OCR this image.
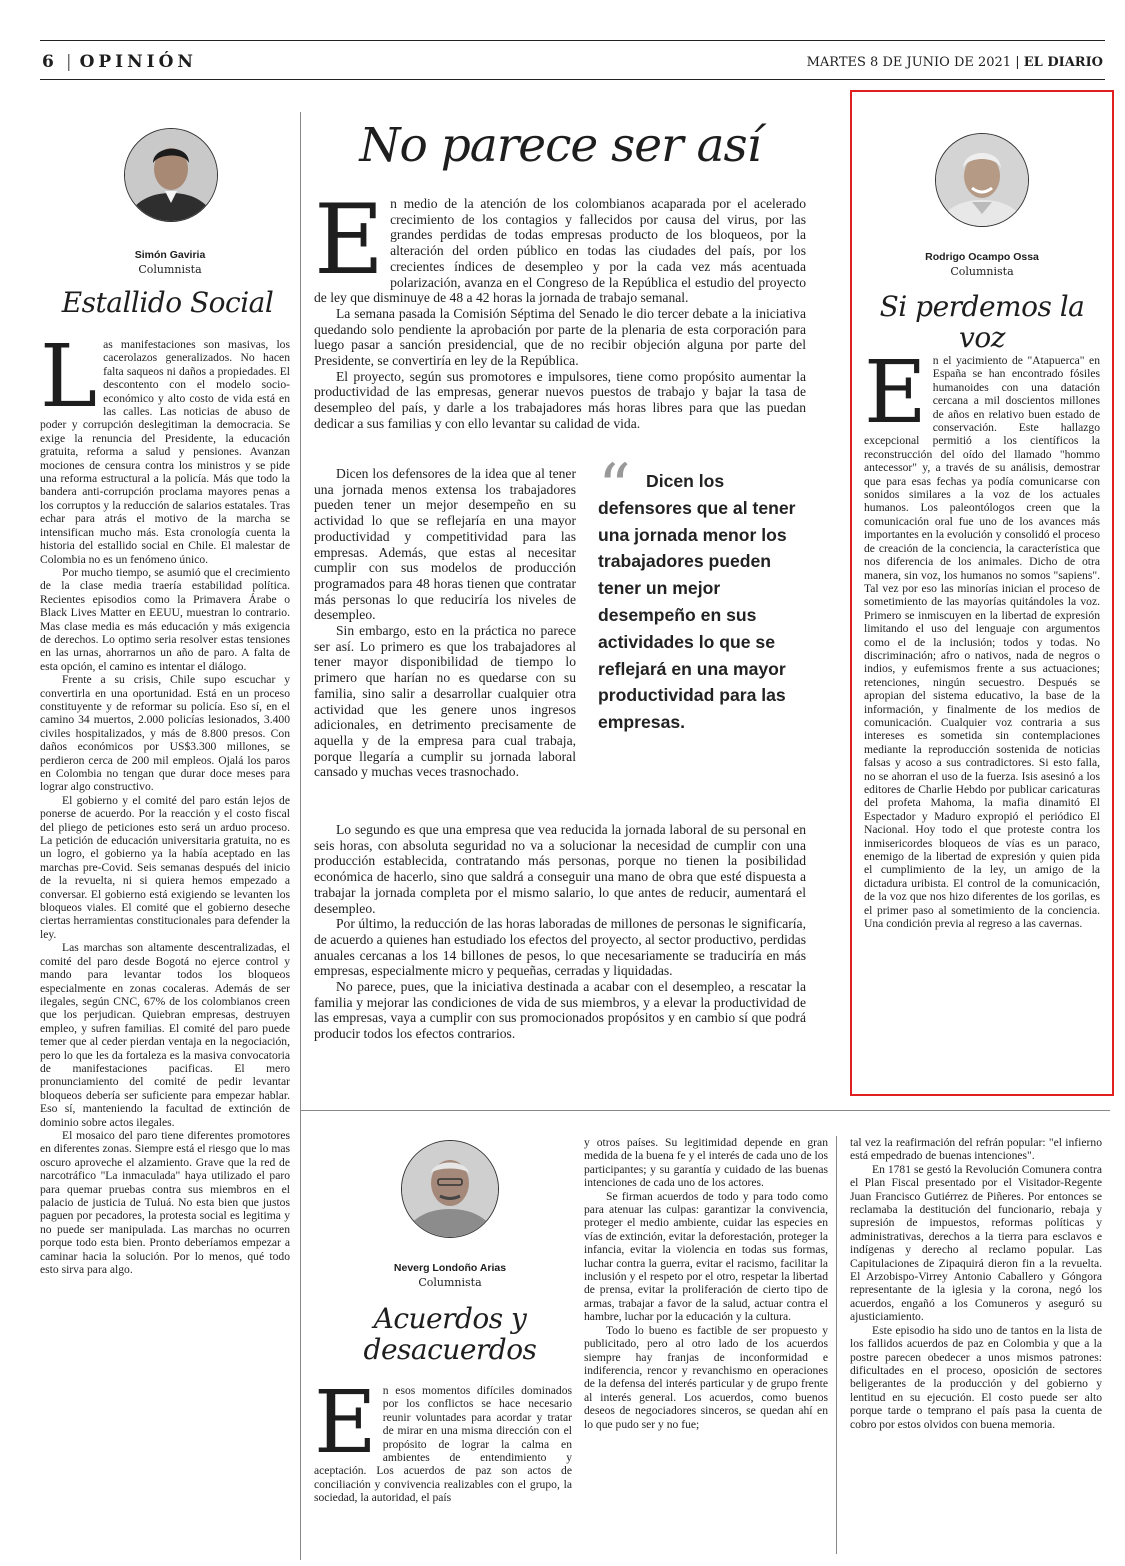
6 | OPINIÓN	MARTES 8 DE JUNIO DE 2021 | EL DIARIO
Simón Gaviria
Columnista
Estallido Social

Las manifestaciones son masivas, los cacerolazos generalizados. No hacen falta saqueos ni daños a propiedades. El descontento con el modelo socio-económico y alto costo de vida está en las calles. Las noticias de abuso de poder y corrupción deslegitiman la democracia. Se exige la renuncia del Presidente, la educación gratuita, reforma a salud y pensiones. Avanzan mociones de censura contra los ministros y se pide una reforma estructural a la policía. Más que todo la bandera anti-corrupción proclama mayores penas a los corruptos y la reducción de salarios estatales. Tras echar para atrás el motivo de la marcha se intensifican mucho más. Esta cronología cuenta la historia del estallido social en Chile. El malestar de Colombia no es un fenómeno único.

Por mucho tiempo, se asumió que el crecimiento de la clase media traería estabilidad política. Recientes episodios como la Primavera Árabe o Black Lives Matter en EEUU, muestran lo contrario. Mas clase media es más educación y más exigencia de derechos. Lo optimo seria resolver estas tensiones en las urnas, ahorrarnos un año de paro. A falta de esta opción, el camino es intentar el diálogo.

Frente a su crisis, Chile supo escuchar y convertirla en una oportunidad. Está en un proceso constituyente y de reformar su policía. Eso sí, en el camino 34 muertos, 2.000 policías lesionados, 3.400 civiles hospitalizados, y más de 8.800 presos. Con daños económicos por US$3.300 millones, se perdieron cerca de 200 mil empleos. Ojalá los paros en Colombia no tengan que durar doce meses para lograr algo constructivo.

El gobierno y el comité del paro están lejos de ponerse de acuerdo. Por la reacción y el costo fiscal del pliego de peticiones esto será un arduo proceso. La petición de educación universitaria gratuita, no es un logro, el gobierno ya la había aceptado en las marchas pre-Covid. Seis semanas después del inicio de la revuelta, ni si quiera hemos empezado a conversar. El gobierno está exigiendo se levanten los bloqueos viales. El comité que el gobierno deseche ciertas herramientas constitucionales para defender la ley.

Las marchas son altamente descentralizadas, el comité del paro desde Bogotá no ejerce control y mando para levantar todos los bloqueos especialmente en zonas cocaleras. Además de ser ilegales, según CNC, 67% de los colombianos creen que los perjudican. Quiebran empresas, destruyen empleo, y sufren familias. El comité del paro puede temer que al ceder pierdan ventaja en la negociación, pero lo que les da fortaleza es la masiva convocatoria de manifestaciones pacificas. El mero pronunciamiento del comité de pedir levantar bloqueos debería ser suficiente para empezar hablar. Eso sí, manteniendo la facultad de extinción de dominio sobre actos ilegales.

El mosaico del paro tiene diferentes promotores en diferentes zonas. Siempre está el riesgo que lo mas oscuro aproveche el alzamiento. Grave que la red de narcotráfico "La inmaculada" haya utilizado el paro para quemar pruebas contra sus miembros en el palacio de justicia de Tuluá. No esta bien que justos paguen por pecadores, la protesta social es legitima y no puede ser manipulada. Las marchas no ocurren porque todo esta bien. Pronto deberíamos empezar a caminar hacia la solución. Por lo menos, qué todo esto sirva para algo.

No parece ser así

En medio de la atención de los colombianos acaparada por el acelerado crecimiento de los contagios y fallecidos por causa del virus, por las grandes perdidas de todas empresas producto de los bloqueos, por la alteración del orden público en todas las ciudades del país, por los crecientes índices de desempleo y por la cada vez más acentuada polarización, avanza en el Congreso de la República el estudio del proyecto de ley que disminuye de 48 a 42 horas la jornada de trabajo semanal.

La semana pasada la Comisión Séptima del Senado le dio tercer debate a la iniciativa quedando solo pendiente la aprobación por parte de la plenaria de esta corporación para luego pasar a sanción presidencial, que de no recibir objeción alguna por parte del Presidente, se convertiría en ley de la República.

El proyecto, según sus promotores e impulsores, tiene como propósito aumentar la productividad de las empresas, generar nuevos puestos de trabajo y bajar la tasa de desempleo del país, y darle a los trabajadores más horas libres para que las puedan dedicar a sus familias y con ello levantar su calidad de vida.

Dicen los defensores de la idea que al tener una jornada menos extensa los trabajadores pueden tener un mejor desempeño en su actividad lo que se reflejaría en una mayor productividad y competitividad para las empresas. Además, que estas al necesitar cumplir con sus modelos de producción programados para 48 horas tienen que contratar más personas lo que reduciría los niveles de desempleo.

Sin embargo, esto en la práctica no parece ser así. Lo primero es que los trabajadores al tener mayor disponibilidad de tiempo lo primero que harían no es quedarse con su familia, sino salir a desarrollar cualquier otra actividad que les genere unos ingresos adicionales, en detrimento precisamente de aquella y de la empresa para cual trabaja, porque llegaría a cumplir su jornada laboral cansado y muchas veces trasnochado.

“ Dicen los defensores que al tener una jornada menor los trabajadores pueden tener un mejor desempeño en sus actividades lo que se reflejará en una mayor productividad para las empresas.

Lo segundo es que una empresa que vea reducida la jornada laboral de su personal en seis horas, con absoluta seguridad no va a solucionar la necesidad de cumplir con una producción establecida, contratando más personas, porque no tienen la posibilidad económica de hacerlo, sino que saldrá a conseguir una mano de obra que esté dispuesta a trabajar la jornada completa por el mismo salario, lo que antes de reducir, aumentará el desempleo.

Por último, la reducción de las horas laboradas de millones de personas le significaría, de acuerdo a quienes han estudiado los efectos del proyecto, al sector productivo, perdidas anuales cercanas a los 14 billones de pesos, lo que necesariamente se traduciría en más empresas, especialmente micro y pequeñas, cerradas y liquidadas.

No parece, pues, que la iniciativa destinada a acabar con el desempleo, a rescatar la familia y mejorar las condiciones de vida de sus miembros, y a elevar la productividad de las empresas, vaya a cumplir con sus promocionados propósitos y en cambio sí que podrá producir todos los efectos contrarios.

Rodrigo Ocampo Ossa
Columnista
Si perdemos la voz

En el yacimiento de "Atapuerca" en España se han encontrado fósiles humanoides con una datación cercana a mil doscientos millones de años en relativo buen estado de conservación. Este hallazgo excepcional permitió a los científicos la reconstrucción del oído del llamado "hommo antecessor" y, a través de su análisis, demostrar que para esas fechas ya podía comunicarse con sonidos similares a la voz de los actuales humanos. Los paleontólogos creen que la comunicación oral fue uno de los avances más importantes en la evolución y consolidó el proceso de creación de la conciencia, la característica que nos diferencia de los animales. Dicho de otra manera, sin voz, los humanos no somos "sapiens". Tal vez por eso las minorías inician el proceso de sometimiento de las mayorías quitándoles la voz. Primero se inmiscuyen en la libertad de expresión limitando el uso del lenguaje con argumentos como el de la inclusión; todos y todas. No discriminación; afro o nativos, nada de negros o indios, y eufemismos frente a sus actuaciones; retenciones, ningún secuestro. Después se apropian del sistema educativo, la base de la información, y finalmente de los medios de comunicación. Cualquier voz contraria a sus intereses es sometida sin contemplaciones mediante la reproducción sostenida de noticias falsas y acoso a sus contradictores. Si esto falla, no se ahorran el uso de la fuerza. Isis asesinó a los editores de Charlie Hebdo por publicar caricaturas del profeta Mahoma, la mafia dinamitó El Espectador y Maduro expropió el periódico El Nacional. Hoy todo el que proteste contra los inmisericordes bloqueos de vías es un paraco, enemigo de la libertad de expresión y quien pida el cumplimiento de la ley, un amigo de la dictadura uribista. El control de la comunicación, de la voz que nos hizo diferentes de los gorilas, es el primer paso al sometimiento de la conciencia. Una condición previa al regreso a las cavernas.

Neverg Londoño Arias
Columnista
Acuerdos y
desacuerdos

En esos momentos difíciles dominados por los conflictos se hace necesario reunir voluntades para acordar y tratar de mirar en una misma dirección con el propósito de lograr la calma en ambientes de entendimiento y aceptación. Los acuerdos de paz son actos de conciliación y convivencia realizables con el grupo, la sociedad, la autoridad, el país

y otros países. Su legitimidad depende en gran medida de la buena fe y el interés de cada uno de los participantes; y su garantía y cuidado de las buenas intenciones de cada uno de los actores.

Se firman acuerdos de todo y para todo como para atenuar las culpas: garantizar la convivencia, proteger el medio ambiente, cuidar las especies en vías de extinción, evitar la deforestación, proteger la infancia, evitar la violencia en todas sus formas, luchar contra la guerra, evitar el racismo, facilitar la inclusión y el respeto por el otro, respetar la libertad de prensa, evitar la proliferación de cierto tipo de armas, trabajar a favor de la salud, actuar contra el hambre, luchar por la educación y la cultura.

Todo lo bueno es factible de ser propuesto y publicitado, pero al otro lado de los acuerdos siempre hay franjas de inconformidad e indiferencia, rencor y revanchismo en operaciones de la defensa del interés particular y de grupo frente al interés general. Los acuerdos, como buenos deseos de negociadores sinceros, se quedan ahí en lo que pudo ser y no fue;

tal vez la reafirmación del refrán popular: "el infierno está empedrado de buenas intenciones".

En 1781 se gestó la Revolución Comunera contra el Plan Fiscal presentado por el Visitador-Regente Juan Francisco Gutiérrez de Piñeres. Por entonces se reclamaba la destitución del funcionario, rebaja y supresión de impuestos, reformas políticas y administrativas, derechos a la tierra para esclavos e indígenas y derecho al reclamo popular. Las Capitulaciones de Zipaquirá dieron fin a la revuelta. El Arzobispo-Virrey Antonio Caballero y Góngora representante de la iglesia y la corona, negó los acuerdos, engañó a los Comuneros y aseguró su ajusticiamiento.

Este episodio ha sido uno de tantos en la lista de los fallidos acuerdos de paz en Colombia y que a la postre parecen obedecer a unos mismos patrones: dificultades en el proceso, oposición de sectores beligerantes de la producción y del gobierno y lentitud en su ejecución. El costo puede ser alto porque tarde o temprano el país pasa la cuenta de cobro por estos olvidos con buena memoria.
